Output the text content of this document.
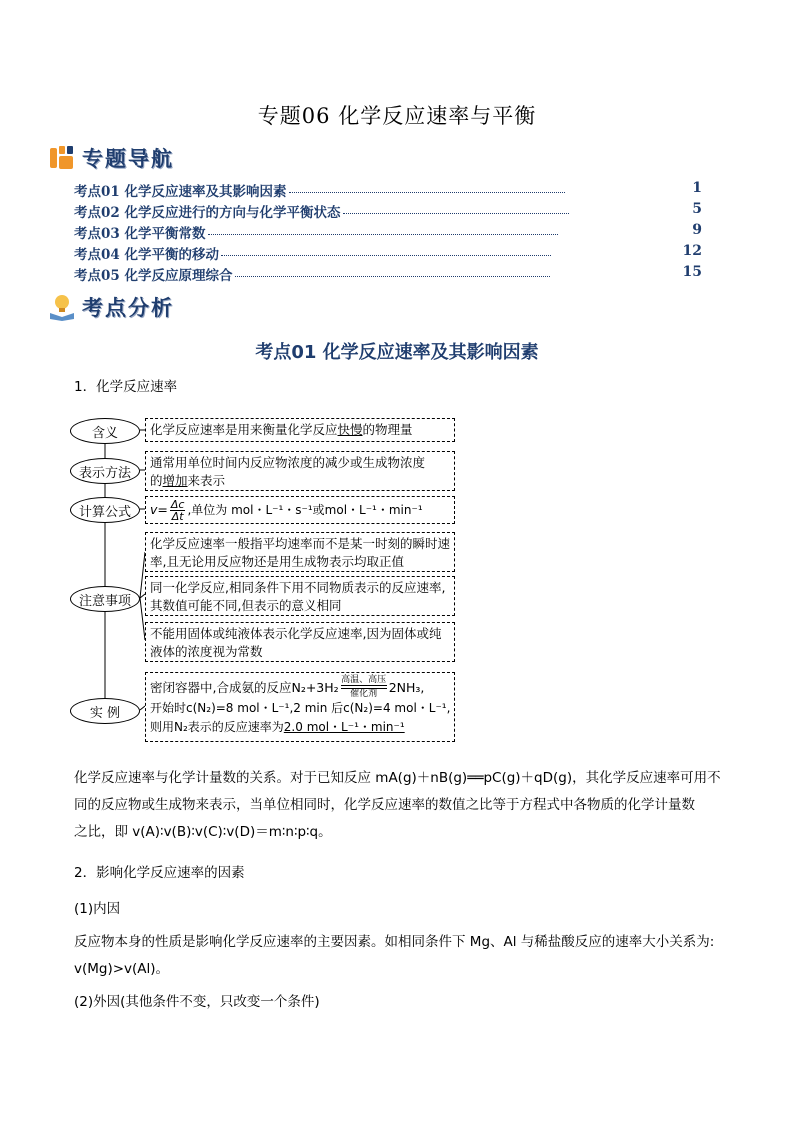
专题06 化学反应速率与平衡
专题导航
考点01 化学反应速率及其影响因素	1
考点02 化学反应进行的方向与化学平衡状态	5
考点03 化学平衡常数	9
考点04 化学平衡的移动	12
考点05 化学反应原理综合	15
考点分析
考点01 化学反应速率及其影响因素
1．化学反应速率
含义
表示方法
计算公式
注意事项
实 例
化学反应速率是用来衡量化学反应快慢的物理量
通常用单位时间内反应物浓度的减少或生成物浓度
的增加来表示
$v= \frac{\Delta c}{\Delta t}$ ,单位为 mol・L⁻¹・s⁻¹或mol・L⁻¹・min⁻¹
化学反应速率一般指平均速率而不是某一时刻的瞬时速率,且无论用反应物还是用生成物表示均取正值
同一化学反应,相同条件下用不同物质表示的反应速率,其数值可能不同,但表示的意义相同
不能用固体或纯液体表示化学反应速率,因为固体或纯液体的浓度视为常数
密闭容器中,合成氨的反应N₂+3H₂ 高温、高压
催化剂 2NH₃,
开始时c(N₂)=8 mol・L⁻¹,2 min 后c(N₂)=4 mol・L⁻¹,
则用N₂表示的反应速率为2.0 mol・L⁻¹・min⁻¹
化学反应速率与化学计量数的关系。对于已知反应 mA(g)＋nB(g)══pC(g)＋qD(g)，其化学反应速率可用不
同的反应物或生成物来表示，当单位相同时，化学反应速率的数值之比等于方程式中各物质的化学计量数
之比，即 v(A)∶v(B)∶v(C)∶v(D)＝m∶n∶p∶q。
2．影响化学反应速率的因素
(1)内因
反应物本身的性质是影响化学反应速率的主要因素。如相同条件下 Mg、Al 与稀盐酸反应的速率大小关系为:
v(Mg)>v(Al)。
(2)外因(其他条件不变，只改变一个条件)
